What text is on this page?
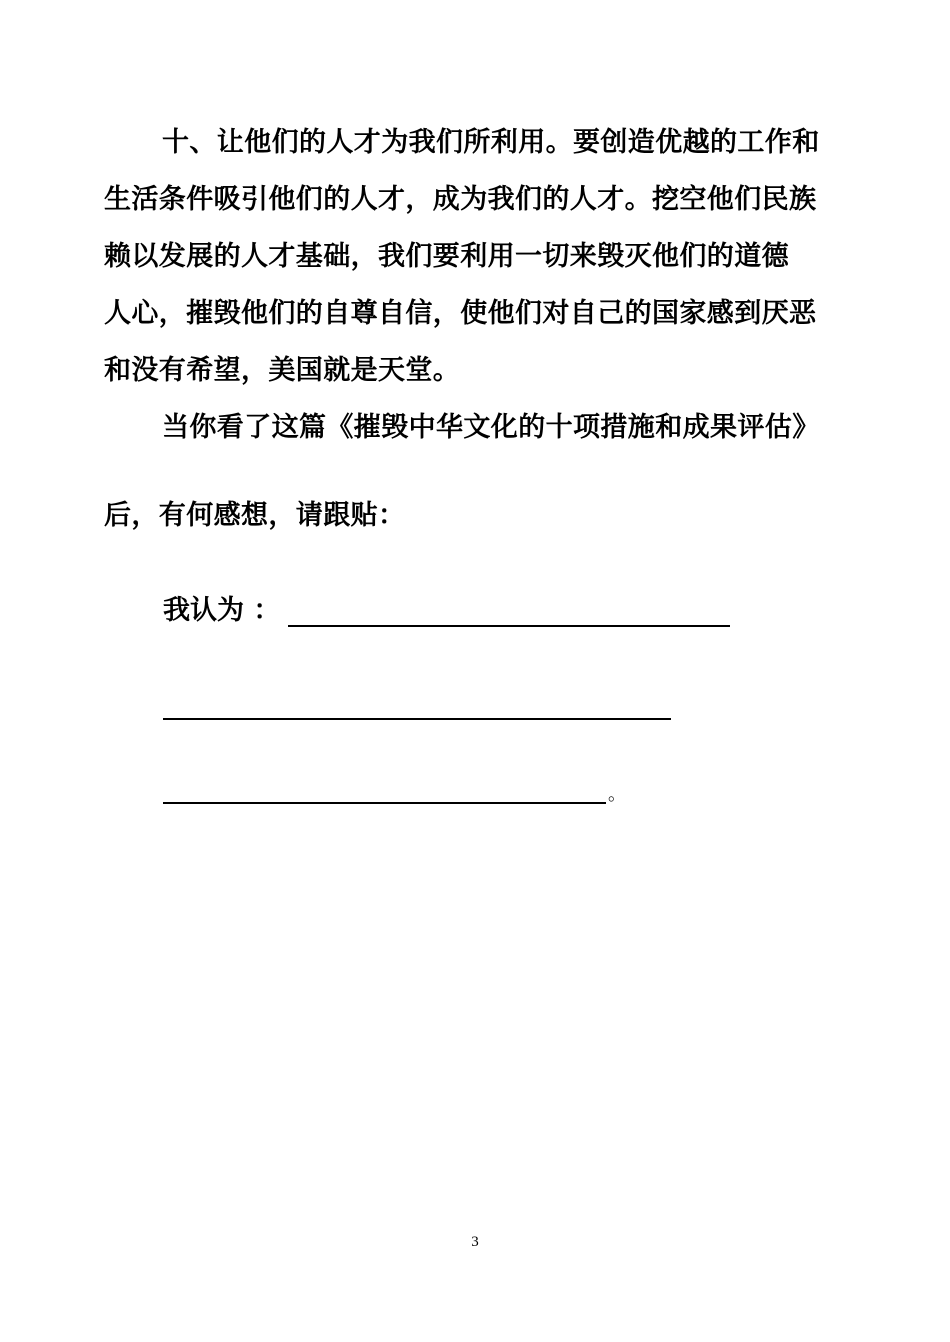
十、让他们的人才为我们所利用。要创造优越的工作和
生活条件吸引他们的人才，成为我们的人才。挖空他们民族
赖以发展的人才基础，我们要利用一切来毁灭他们的道德
人心，摧毁他们的自尊自信，使他们对自己的国家感到厌恶
和没有希望，美国就是天堂。
当你看了这篇《摧毁中华文化的十项措施和成果评估》
后，有何感想，请跟贴：
我认为 ：
。
3
